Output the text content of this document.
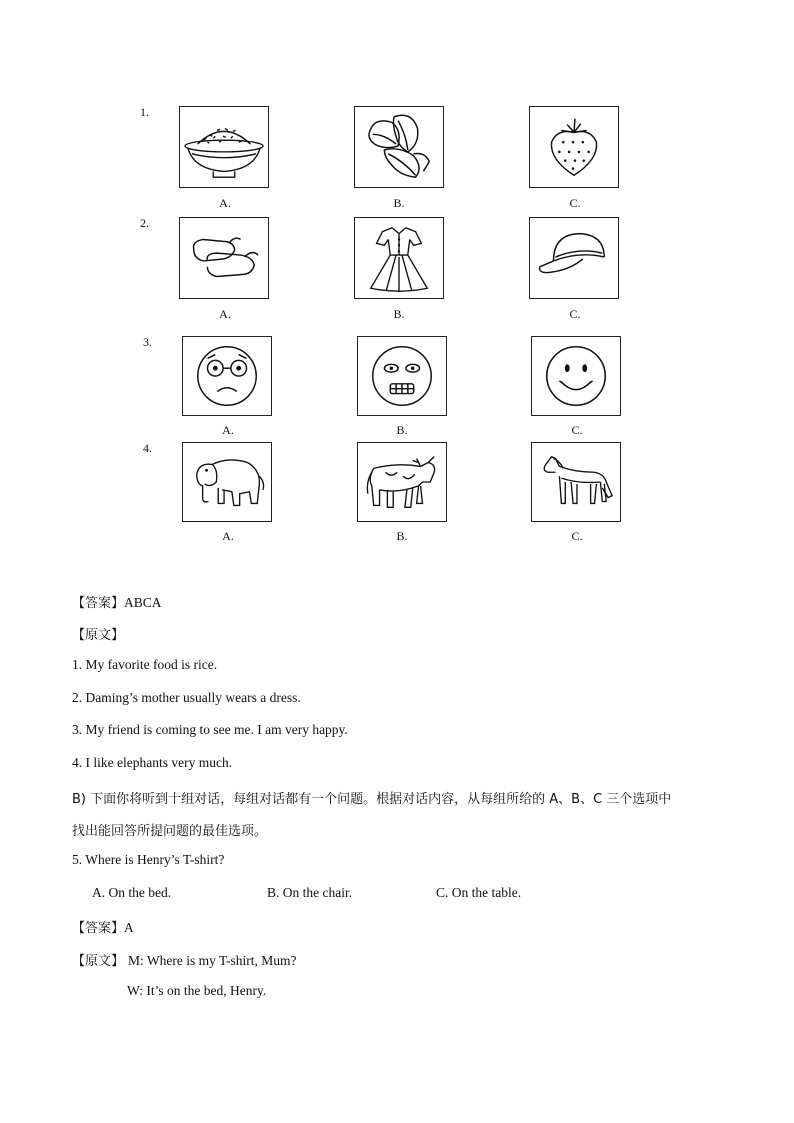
1.
A.	B.	C.
2.
A.	B.	C.
3.
A.	B.	C.
4.
A.	B.	C.
【答案】ABCA
【原文】
1. My favorite food is rice.
2. Daming’s mother usually wears a dress.
3. My friend is coming to see me. I am very happy.
4. I like elephants very much.
B) 下面你将听到十组对话，每组对话都有一个问题。根据对话内容，从每组所给的 A、B、C 三个选项中
找出能回答所提问题的最佳选项。
5. Where is Henry’s T-shirt?
A. On the bed.	B. On the chair.	C. On the table.
【答案】A
【原文】 M: Where is my T-shirt, Mum?
W: It’s on the bed, Henry.
